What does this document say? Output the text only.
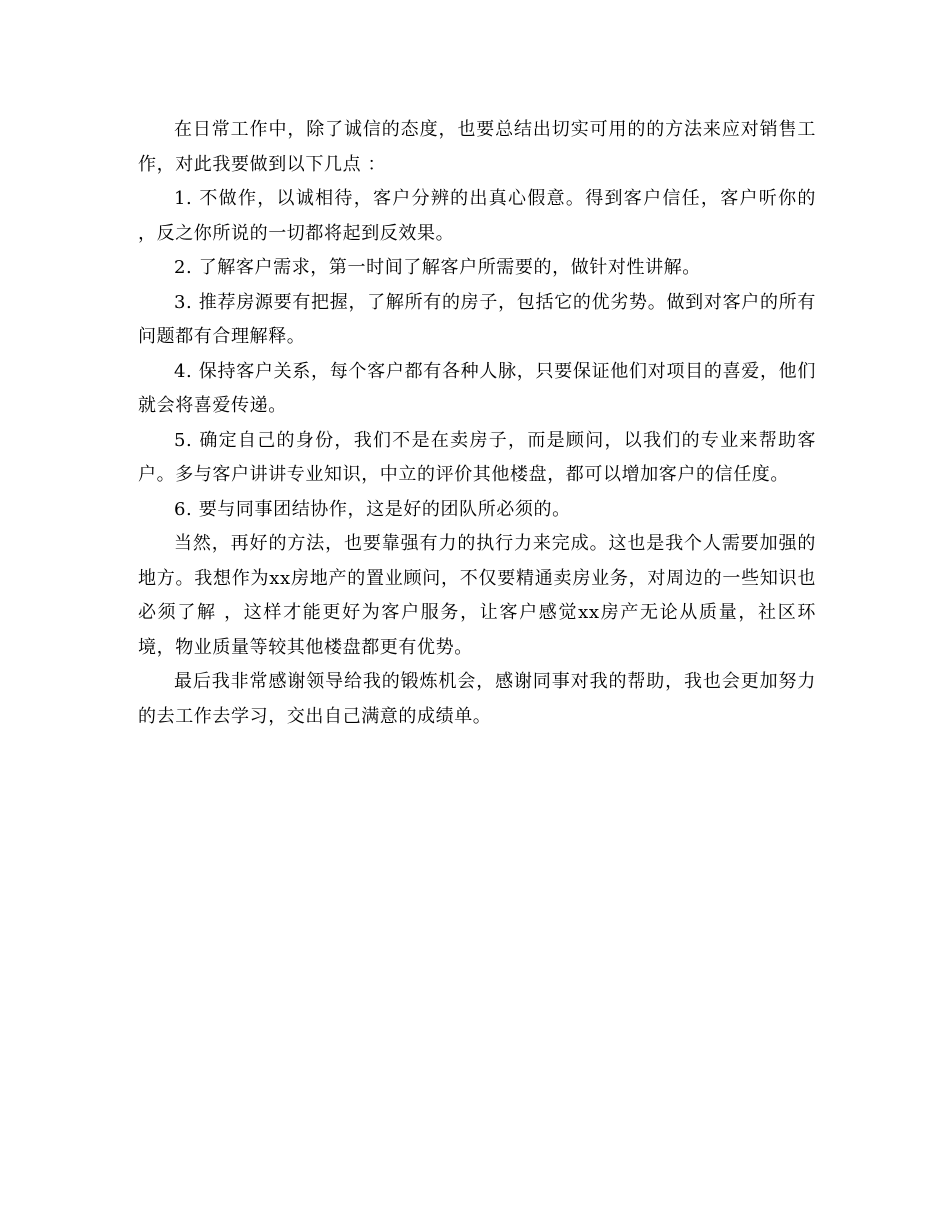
在日常工作中，除了诚信的态度，也要总结出切实可用的的方法来应对销售工作，对此我要做到以下几点 ：

1. 不做作，以诚相待，客户分辨的出真心假意。得到客户信任，客户听你的 ，反之你所说的一切都将起到反效果。

2. 了解客户需求，第一时间了解客户所需要的，做针对性讲解。

3. 推荐房源要有把握，了解所有的房子，包括它的优劣势。做到对客户的所有问题都有合理解释。

4. 保持客户关系，每个客户都有各种人脉，只要保证他们对项目的喜爱，他们就会将喜爱传递。

5. 确定自己的身份，我们不是在卖房子，而是顾问，以我们的专业来帮助客户。多与客户讲讲专业知识，中立的评价其他楼盘，都可以增加客户的信任度。

6. 要与同事团结协作，这是好的团队所必须的。

当然，再好的方法，也要靠强有力的执行力来完成。这也是我个人需要加强的地方。我想作为xx房地产的置业顾问，不仅要精通卖房业务，对周边的一些知识也必须了解 ，这样才能更好为客户服务，让客户感觉xx房产无论从质量，社区环境，物业质量等较其他楼盘都更有优势。

最后我非常感谢领导给我的锻炼机会，感谢同事对我的帮助，我也会更加努力的去工作去学习，交出自己满意的成绩单。
